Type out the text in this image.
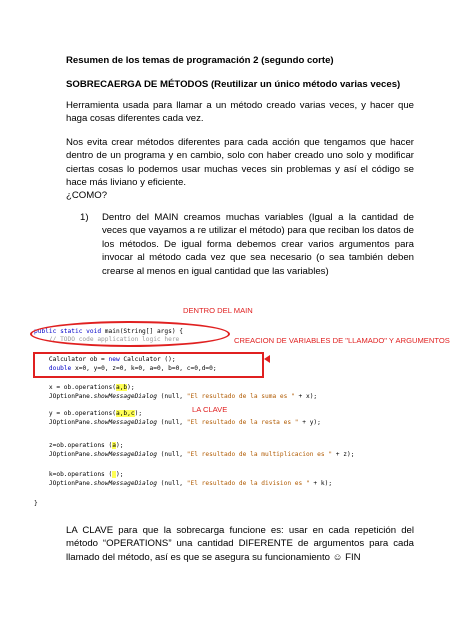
Resumen de los temas de programación 2 (segundo corte)

SOBRECAERGA DE MÉTODOS (Reutilizar un único método varias veces)

Herramienta usada para llamar a un método creado varias veces, y hacer que haga cosas diferentes cada vez.

Nos evita crear métodos diferentes para cada acción que tengamos que hacer dentro de un programa y en cambio, solo con haber creado uno solo y modificar ciertas cosas lo podemos usar muchas veces sin problemas y así el código se hace más liviano y eficiente.

¿COMO?

1) Dentro del MAIN creamos muchas variables (Igual a la cantidad de veces que vayamos a re utilizar el método) para que reciban los datos de los métodos. De igual forma debemos crear varios argumentos para invocar al método cada vez que sea necesario (o sea también deben crearse al menos en igual cantidad que las variables)

public static void main(String[] args) {
// TODO code application logic here
Calculator ob = new Calculator ();
double x=0, y=0, z=0, k=0, a=0, b=0, c=0,d=0;
x = ob.operations(a,b);
JOptionPane.showMessageDialog (null, "El resultado de la suma es " + x);
y = ob.operations(a,b,c);
JOptionPane.showMessageDialog (null, "El resultado de la resta es " + y);
z=ob.operations (a);
JOptionPane.showMessageDialog (null, "El resultado de la multiplicacion es " + z);
k=ob.operations ( );
JOptionPane.showMessageDialog (null, "El resultado de la division es " + k);
}

DENTRO DEL MAIN

CREACION DE VARIABLES DE "LLAMADO" Y ARGUMENTOS

LA CLAVE

LA CLAVE para que la sobrecarga funcione es: usar en cada repetición del método “OPERATIONS” una cantidad DIFERENTE de argumentos para cada llamado del método, así es que se asegura su funcionamiento ☺ FIN
